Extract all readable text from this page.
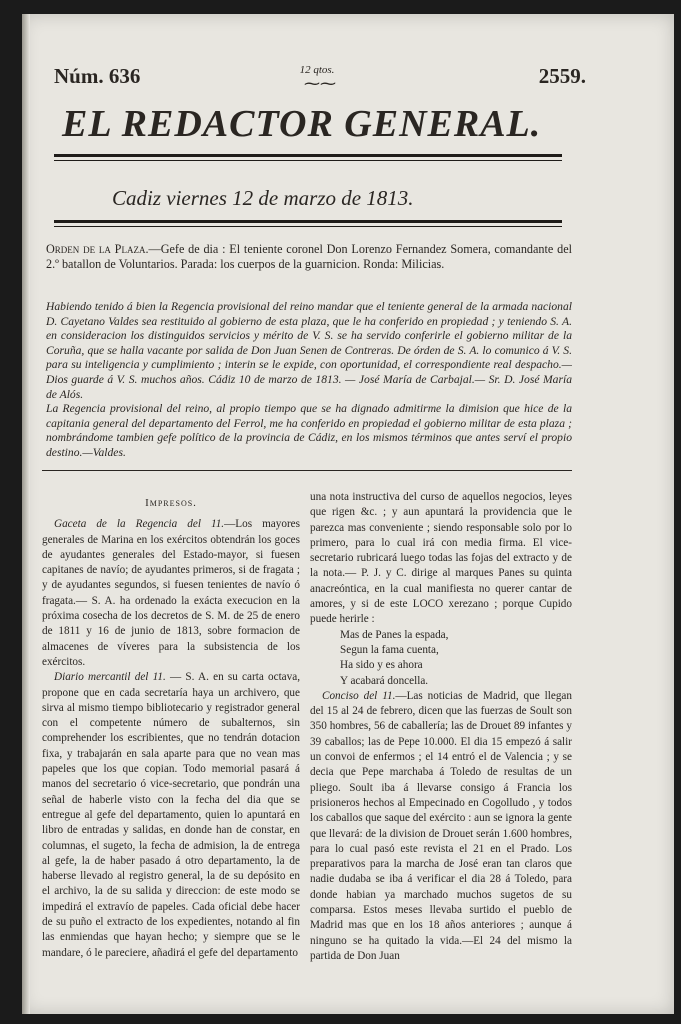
Núm. 636	12 qtos.
⁓⁓	2559.
EL REDACTOR GENERAL.
Cadiz viernes 12 de marzo de 1813.

Orden de la Plaza.—Gefe de dia : El teniente coronel Don Lorenzo Fernandez Somera, comandante del 2.º batallon de Voluntarios. Parada: los cuerpos de la guarnicion. Ronda: Milicias.

Habiendo tenido á bien la Regencia provisional del reino mandar que el teniente general de la armada nacional D. Cayetano Valdes sea restituido al gobierno de esta plaza, que le ha conferido en propiedad ; y teniendo S. A. en consideracion los distinguidos servicios y mérito de V. S. se ha servido conferirle el gobierno militar de la Coruña, que se halla vacante por salida de Don Juan Senen de Contreras. De órden de S. A. lo comunico á V. S. para su inteligencia y cumplimiento ; interin se le expide, con oportunidad, el correspondiente real despacho.—Dios guarde á V. S. muchos años. Cádiz 10 de marzo de 1813. — José María de Carbajal.— Sr. D. José María de Alós.

La Regencia provisional del reino, al propio tiempo que se ha dignado admitirme la dimision que hice de la capitania general del departamento del Ferrol, me ha conferido en propiedad el gobierno militar de esta plaza ; nombrándome tambien gefe político de la provincia de Cádiz, en los mismos términos que antes serví el propio destino.—Valdes.

Impresos.

Gaceta de la Regencia del 11.—Los mayores generales de Marina en los exércitos obtendrán los goces de ayudantes generales del Estado-mayor, si fuesen capitanes de navío; de ayudantes primeros, si de fragata ; y de ayudantes segundos, si fuesen tenientes de navío ó fragata.— S. A. ha ordenado la exácta execucion en la próxima cosecha de los decretos de S. M. de 25 de enero de 1811 y 16 de junio de 1813, sobre formacion de almacenes de víveres para la subsistencia de los exércitos.

Diario mercantil del 11. — S. A. en su carta octava, propone que en cada secretaría haya un archivero, que sirva al mismo tiempo bibliotecario y registrador general con el competente número de subalternos, sin comprehender los escribientes, que no tendrán dotacion fixa, y trabajarán en sala aparte para que no vean mas papeles que los que copian. Todo memorial pasará á manos del secretario ó vice-secretario, que pondrán una señal de haberle visto con la fecha del dia que se entregue al gefe del departamento, quien lo apuntará en libro de entradas y salidas, en donde han de constar, en columnas, el sugeto, la fecha de admision, la de entrega al gefe, la de haber pasado á otro departamento, la de haberse llevado al registro general, la de su depósito en el archivo, la de su salida y direccion: de este modo se impedirá el extravío de papeles. Cada oficial debe hacer de su puño el extracto de los expedientes, notando al fin las enmiendas que hayan hecho; y siempre que se le mandare, ó le pareciere, añadirá el gefe del departamento

una nota instructiva del curso de aquellos negocios, leyes que rigen &c. ; y aun apuntará la providencia que le parezca mas conveniente ; siendo responsable solo por lo primero, para lo cual irá con media firma. El vice-secretario rubricará luego todas las fojas del extracto y de la nota.— P. J. y C. dirige al marques Panes su quinta anacreóntica, en la cual manifiesta no querer cantar de amores, y si de este LOCO xerezano ; porque Cupido puede herirle :

Mas de Panes la espada,
Segun la fama cuenta,
Ha sido y es ahora
Y acabará doncella.

Conciso del 11.—Las noticias de Madrid, que llegan del 15 al 24 de febrero, dicen que las fuerzas de Soult son 350 hombres, 56 de caballería; las de Drouet 89 infantes y 39 caballos; las de Pepe 10.000. El dia 15 empezó á salir un convoi de enfermos ; el 14 entró el de Valencia ; y se decia que Pepe marchaba á Toledo de resultas de un pliego. Soult iba á llevarse consigo á Francia los prisioneros hechos al Empecinado en Cogolludo , y todos los caballos que saque del exército : aun se ignora la gente que llevará: de la division de Drouet serán 1.600 hombres, para lo cual pasó este revista el 21 en el Prado. Los preparativos para la marcha de José eran tan claros que nadie dudaba se iba á verificar el dia 28 á Toledo, para donde habian ya marchado muchos sugetos de su comparsa. Estos meses llevaba surtido el pueblo de Madrid mas que en los 18 años anteriores ; aunque á ninguno se ha quitado la vida.—El 24 del mismo la partida de Don Juan
